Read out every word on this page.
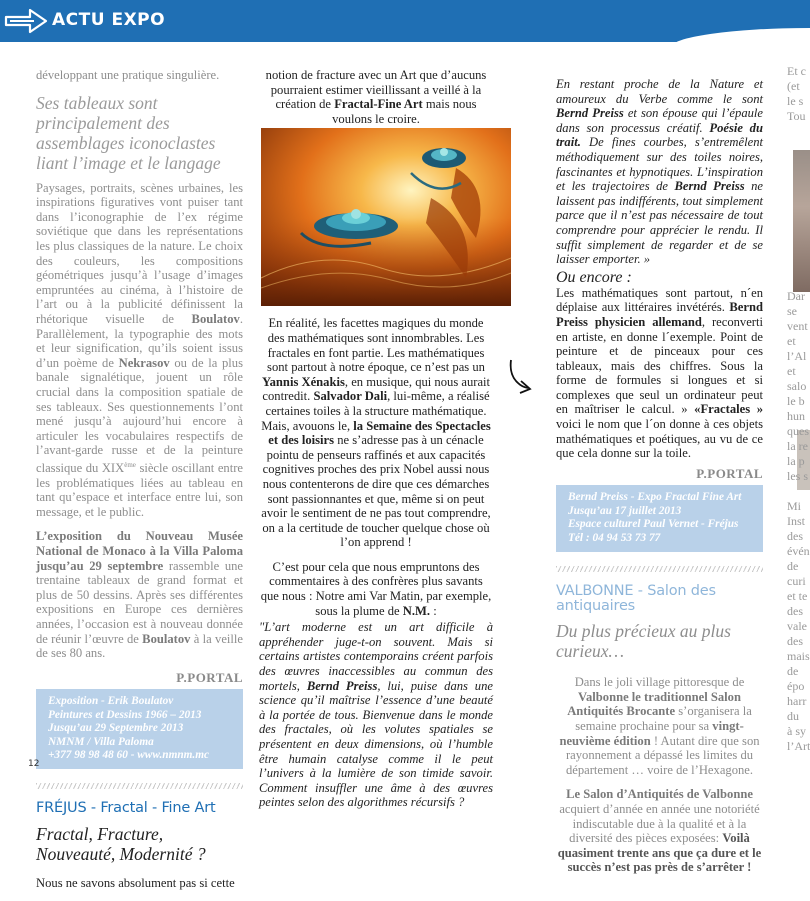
ACTU EXPO

développant une pratique singulière.

Ses tableaux sont principalement des assemblages iconoclastes liant l’image et le langage

Paysages, portraits, scènes urbaines, les inspirations figuratives vont puiser tant dans l’iconographie de l’ex régime soviétique que dans les représentations les plus classiques de la nature. Le choix des couleurs, les compositions géométriques jusqu’à l’usage d’images empruntées au cinéma, à l’histoire de l’art ou à la publicité définissent la rhétorique visuelle de Boulatov. Parallèlement, la typographie des mots et leur signification, qu’ils soient issus d’un poème de Nekrasov ou de la plus banale signalétique, jouent un rôle crucial dans la composition spatiale de ses tableaux. Ses questionnements l’ont mené jusqu’à aujourd’hui encore à articuler les vocabulaires respectifs de l’avant-garde russe et de la peinture classique du XIXème siècle oscillant entre les problématiques liées au tableau en tant qu’espace et interface entre lui, son message, et le public.

L’exposition du Nouveau Musée National de Monaco à la Villa Paloma jusqu’au 29 septembre rassemble une trentaine tableaux de grand format et plus de 50 dessins. Après ses différentes expositions en Europe ces dernières années, l’occasion est à nouveau donnée de réunir l’œuvre de Boulatov à la veille de ses 80 ans.

P.PORTAL
Exposition - Erik Boulatov
Peintures et Dessins 1966 – 2013
Jusqu’au 29 Septembre 2013
NMNM / Villa Paloma
+377 98 98 48 60 - www.nmnm.mc
FRÉJUS - Fractal - Fine Art
Fractal, Fracture, Nouveauté, Modernité ?

Nous ne savons absolument pas si cette

notion de fracture avec un Art que d’aucuns pourraient estimer vieillissant a veillé à la création de Fractal-Fine Art mais nous voulons le croire.

En réalité, les facettes magiques du monde des mathématiques sont innombrables. Les fractales en font partie. Les mathématiques sont partout à notre époque, ce n’est pas un Yannis Xénakis, en musique, qui nous aurait contredit. Salvador Dali, lui-même, a réalisé certaines toiles à la structure mathématique. Mais, avouons le, la Semaine des Spectacles et des loisirs ne s’adresse pas à un cénacle pointu de penseurs raffinés et aux capacités cognitives proches des prix Nobel aussi nous nous contenterons de dire que ces démarches sont passionnantes et que, même si on peut avoir le sentiment de ne pas tout comprendre, on a la certitude de toucher quelque chose où l’on apprend !

C’est pour cela que nous empruntons des commentaires à des confrères plus savants que nous : Notre ami Var Matin, par exemple, sous la plume de N.M. :

"L’art moderne est un art difficile à appréhender juge-t-on souvent. Mais si certains artistes contemporains créent parfois des œuvres inaccessibles au commun des mortels, Bernd Preiss, lui, puise dans une science qu’il maîtrise l’essence d’une beauté à la portée de tous. Bienvenue dans le monde des fractales, où les volutes spatiales se présentent en deux dimensions, où l’humble être humain catalyse comme il le peut l’univers à la lumière de son timide savoir. Comment insuffler une âme à des œuvres peintes selon des algorithmes récursifs ?

En restant proche de la Nature et amoureux du Verbe comme le sont Bernd Preiss et son épouse qui l’épaule dans son processus créatif. Poésie du trait. De fines courbes, s’entremêlent méthodiquement sur des toiles noires, fascinantes et hypnotiques. L’inspiration et les trajectoires de Bernd Preiss ne laissent pas indifférents, tout simplement parce que il n’est pas nécessaire de tout comprendre pour apprécier le rendu. Il suffit simplement de regarder et de se laisser emporter. »

Ou encore :

Les mathématiques sont partout, n´en déplaise aux littéraires invétérés. Bernd Preiss physicien allemand, reconverti en artiste, en donne l´exemple. Point de peinture et de pinceaux pour ces tableaux, mais des chiffres. Sous la forme de formules si longues et si complexes que seul un ordinateur peut en maîtriser le calcul. » «Fractales » voici le nom que l´on donne à ces objets mathématiques et poétiques, au vu de ce que cela donne sur la toile.

P.PORTAL
Bernd Preiss - Expo Fractal Fine Art
Jusqu’au 17 juillet 2013
Espace culturel Paul Vernet - Fréjus
Tél : 04 94 53 73 77
VALBONNE - Salon des antiquaires
Du plus précieux au plus curieux…

Dans le joli village pittoresque de Valbonne le traditionnel Salon Antiquités Brocante s’organisera la semaine prochaine pour sa vingt-neuvième édition ! Autant dire que son rayonnement a dépassé les limites du département … voire de l’Hexagone.

Le Salon d’Antiquités de Valbonne acquiert d’année en année une notoriété indiscutable due à la qualité et à la diversité des pièces exposées: Voilà quasiment trente ans que ça dure et le succès n’est pas près de s’arrêter !

Et c
(et
le s
Tou

Dar
se
vent
et
l’Al
et
salo
le b
hun
ques
la re
la p
les s

Mi
Inst
des
évén
de
curi
et te
des
vale
des
mais
de
épo
harr
du
à sy
l’Art
12
